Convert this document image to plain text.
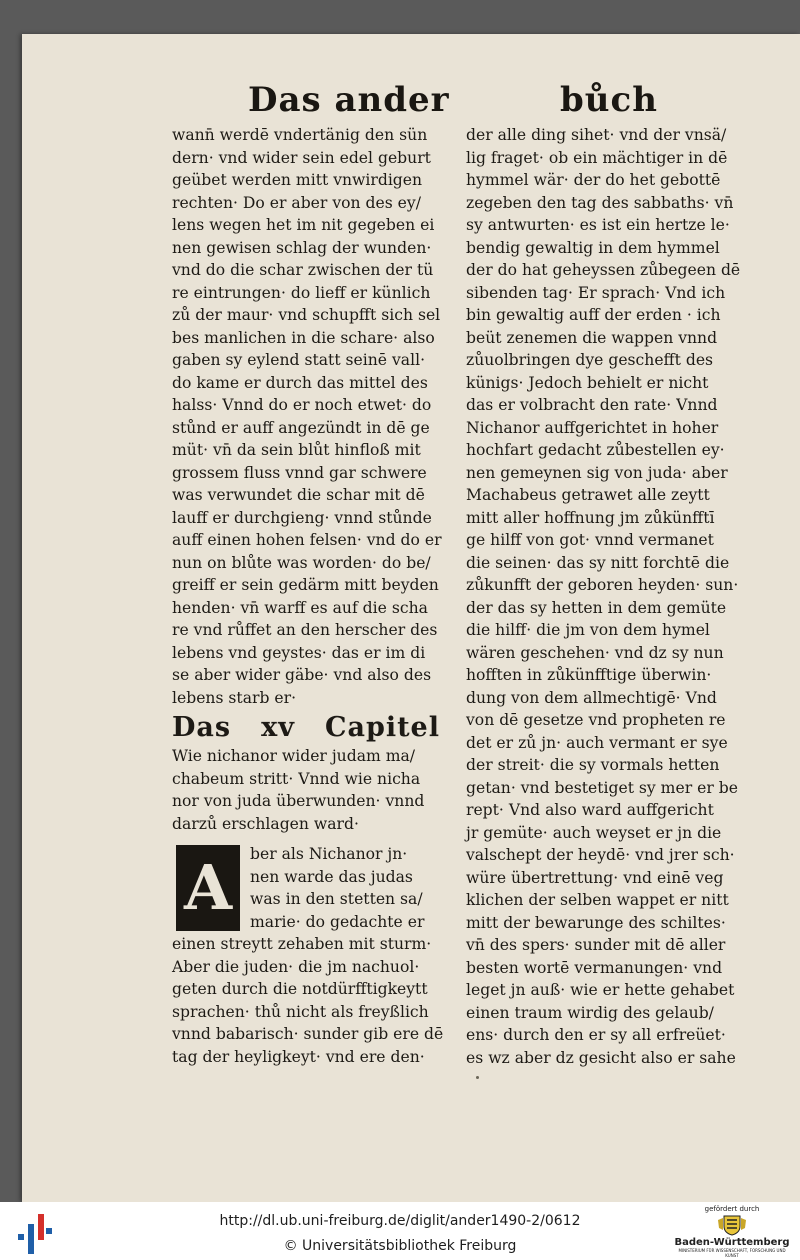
Das ander	bůch
wann̄ werdē vndertänig den sün
dern· vnd wider sein edel geburt
geübet werden mitt vnwirdigen
rechten· Do er aber von des ey/
lens wegen het im nit gegeben ei
nen gewisen schlag der wunden·
vnd do die schar zwischen der tü
re eintrungen· do lieff er künlich
zů der maur· vnd schupfft sich sel
bes manlichen in die schare· also
gaben sy eylend statt seinē vall·
do kame er durch das mittel des
halss· Vnnd do er noch etwet· do
stůnd er auff angezündt in dē ge
müt· vn̄ da sein blůt hinfloß mit
grossem fluss vnnd gar schwere
was verwundet die schar mit dē
lauff er durchgieng· vnnd stůnde
auff einen hohen felsen· vnd do er
nun on blůte was worden· do be/
greiff er sein gedärm mitt beyden
henden· vn̄ warff es auf die scha
re vnd růffet an den herscher des
lebens vnd geystes· das er im di
se aber wider gäbe· vnd also des
lebens starb er·
Das xv Capitel
Wie nichanor wider judam ma/
chabeum stritt· Vnnd wie nicha
nor von juda überwunden· vnnd
darzů erschlagen ward·
A	ber als Nichanor jn·
nen warde das judas
was in den stetten sa/
marie· do gedachte er
einen streytt zehaben mit sturm·
Aber die juden· die jm nachuol·
geten durch die notdürfftigkeytt
sprachen· thů nicht als freyßlich
vnnd babarisch· sunder gib ere dē
tag der heyligkeyt· vnd ere den·
der alle ding sihet· vnd der vnsä/
lig fraget· ob ein mächtiger in dē
hymmel wär· der do het gebottē
zegeben den tag des sabbaths· vn̄
sy antwurten· es ist ein hertze le·
bendig gewaltig in dem hymmel
der do hat geheyssen zůbegeen dē
sibenden tag· Er sprach· Vnd ich
bin gewaltig auff der erden · ich
beüt zenemen die wappen vnnd
zůuolbringen dye geschefft des
künigs· Jedoch behielt er nicht
das er volbracht den rate· Vnnd
Nichanor auffgerichtet in hoher
hochfart gedacht zůbestellen ey·
nen gemeynen sig von juda· aber
Machabeus getrawet alle zeytt
mitt aller hoffnung jm zůkünfftī
ge hilff von got· vnnd vermanet
die seinen· das sy nitt forchtē die
zůkunfft der geboren heyden· sun·
der das sy hetten in dem gemüte
die hilff· die jm von dem hymel
wären geschehen· vnd dz sy nun
hofften in zůkünfftige überwin·
dung von dem allmechtigē· Vnd
von dē gesetze vnd propheten re
det er zů jn· auch vermant er sye
der streit· die sy vormals hetten
getan· vnd bestetiget sy mer er be
rept· Vnd also ward auffgericht
jr gemüte· auch weyset er jn die
valschept der heydē· vnd jrer sch·
würe übertrettung· vnd einē veg
klichen der selben wappet er nitt
mitt der bewarunge des schiltes·
vn̄ des spers· sunder mit dē aller
besten wortē vermanungen· vnd
leget jn auß· wie er hette gehabet
einen traum wirdig des gelaub/
ens· durch den er sy all erfreüet·
es wz aber dz gesicht also er sahe
http://dl.ub.uni-freiburg.de/diglit/ander1490-2/0612
© Universitätsbibliothek Freiburg
gefördert durch
Baden-Württemberg
MINISTERIUM FÜR WISSENSCHAFT, FORSCHUNG UND KUNST
